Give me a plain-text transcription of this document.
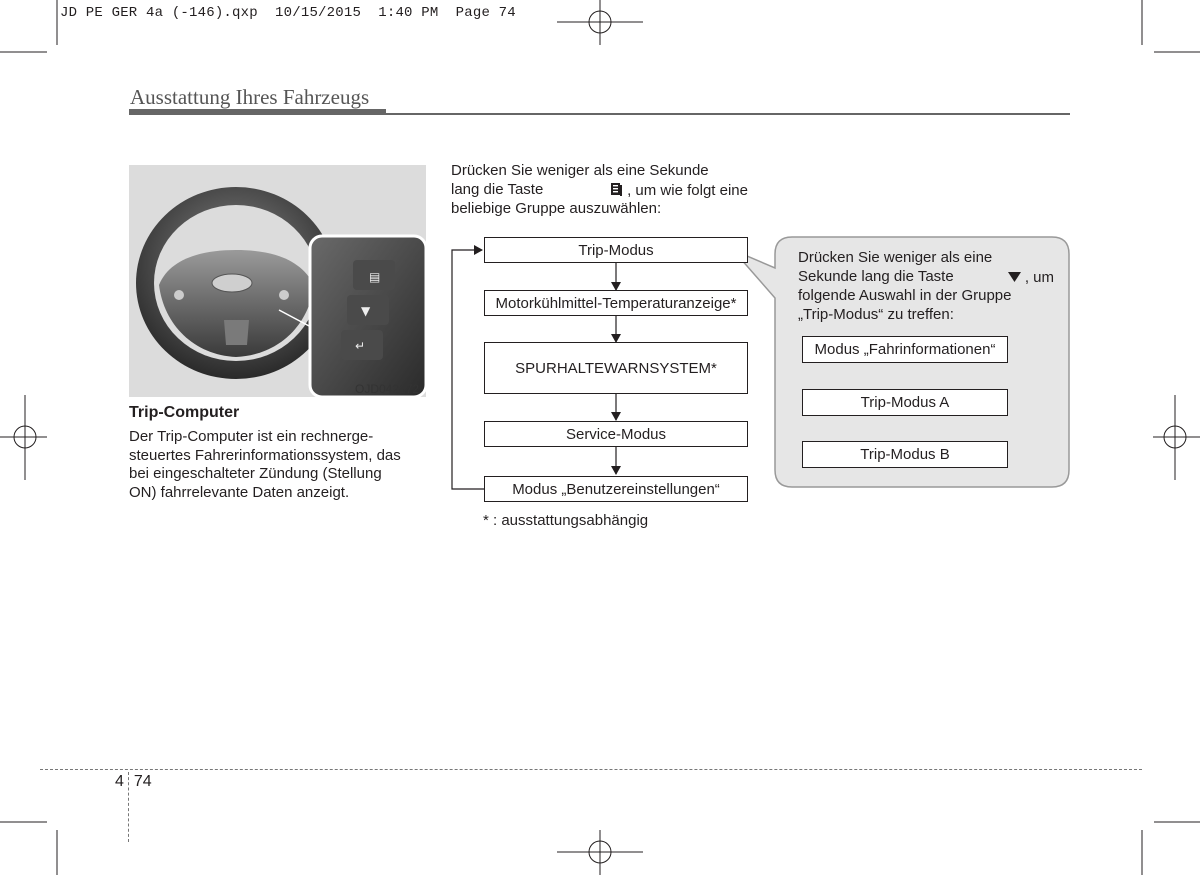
JD PE GER 4a (-146).qxp  10/15/2015  1:40 PM  Page 74
Ausstattung Ihres Fahrzeugs
▤
▼
↵
OJD042172
Trip-Computer
Der Trip-Computer ist ein rechnerge-
steuertes Fahrerinformationssystem, das
bei eingeschalteter Zündung (Stellung
ON) fahrrelevante Daten anzeigt.
Drücken Sie weniger als eine Sekunde
lang die Taste	, um wie folgt eine
beliebige Gruppe auszuwählen:
Trip-Modus
Motorkühlmittel-Temperaturanzeige*
SPURHALTEWARNSYSTEM*
Service-Modus
Modus „Benutzereinstellungen“
* : ausstattungsabhängig
Drücken Sie weniger als eine
Sekunde lang die Taste	, um
folgende Auswahl in der Gruppe
„Trip-Modus“ zu treffen:
Modus „Fahrinformationen“
Trip-Modus A
Trip-Modus B
4 74
